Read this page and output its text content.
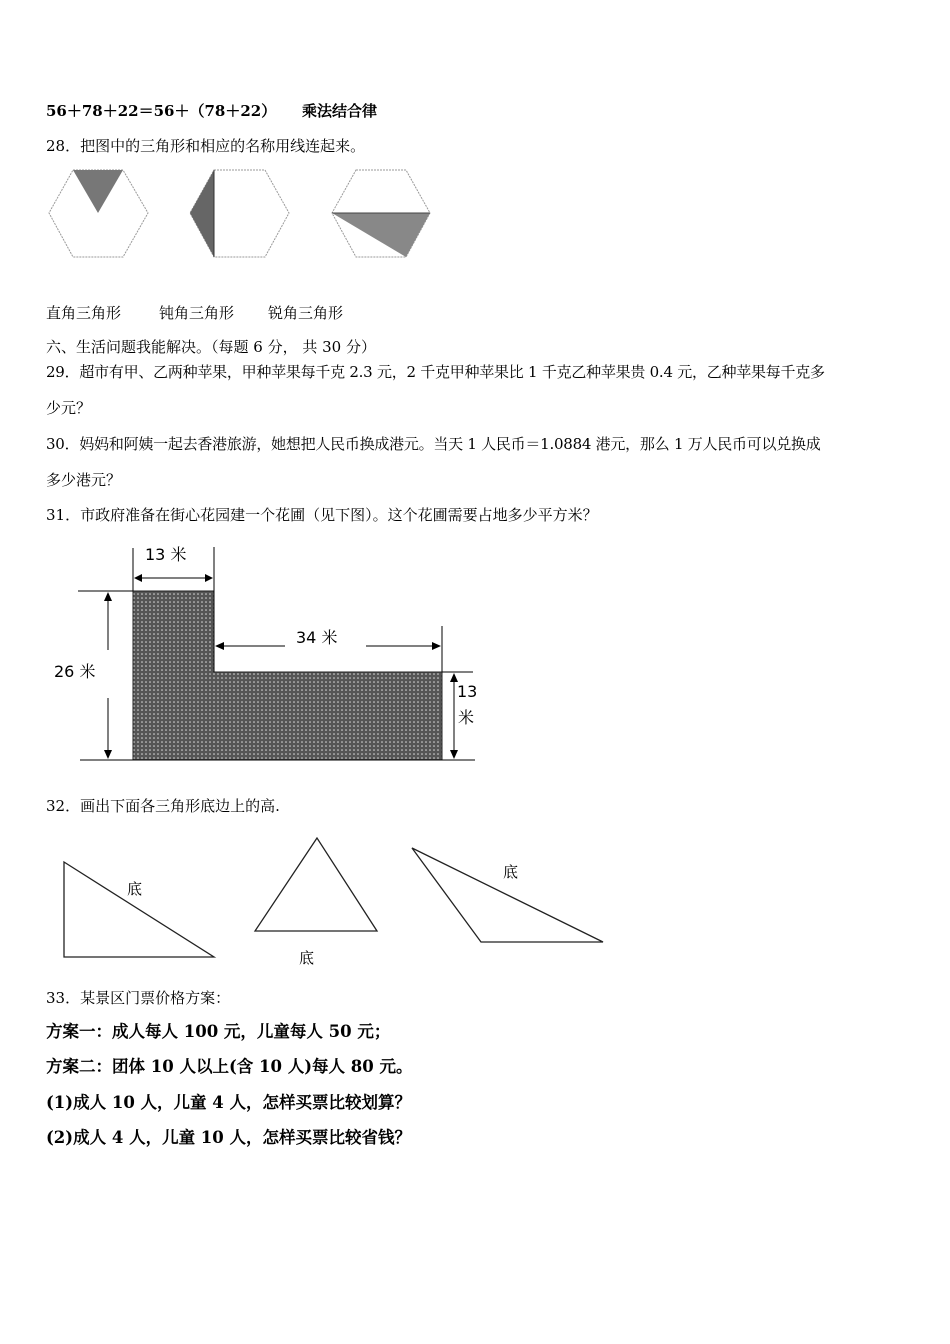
56＋78＋22＝56＋（78＋22） 乘法结合律
28．把图中的三角形和相应的名称用线连起来。
13 米
26 米
34 米
13
米
底
底
底
直角三角形	钝角三角形 锐角三角形
六、生活问题我能解决。（每题 6 分， 共 30 分）
29．超市有甲、乙两种苹果，甲种苹果每千克 2.3 元，2 千克甲种苹果比 1 千克乙种苹果贵 0.4 元，乙种苹果每千克多
少元？
30．妈妈和阿姨一起去香港旅游，她想把人民币换成港元。当天 1 人民币＝1.0884 港元，那么 1 万人民币可以兑换成
多少港元？
31．市政府准备在街心花园建一个花圃（见下图）。这个花圃需要占地多少平方米？
32．画出下面各三角形底边上的高.
33．某景区门票价格方案：
方案一：成人每人 100 元，儿童每人 50 元；
方案二：团体 10 人以上(含 10 人)每人 80 元。
(1)成人 10 人，儿童 4 人，怎样买票比较划算？
(2)成人 4 人，儿童 10 人，怎样买票比较省钱？
